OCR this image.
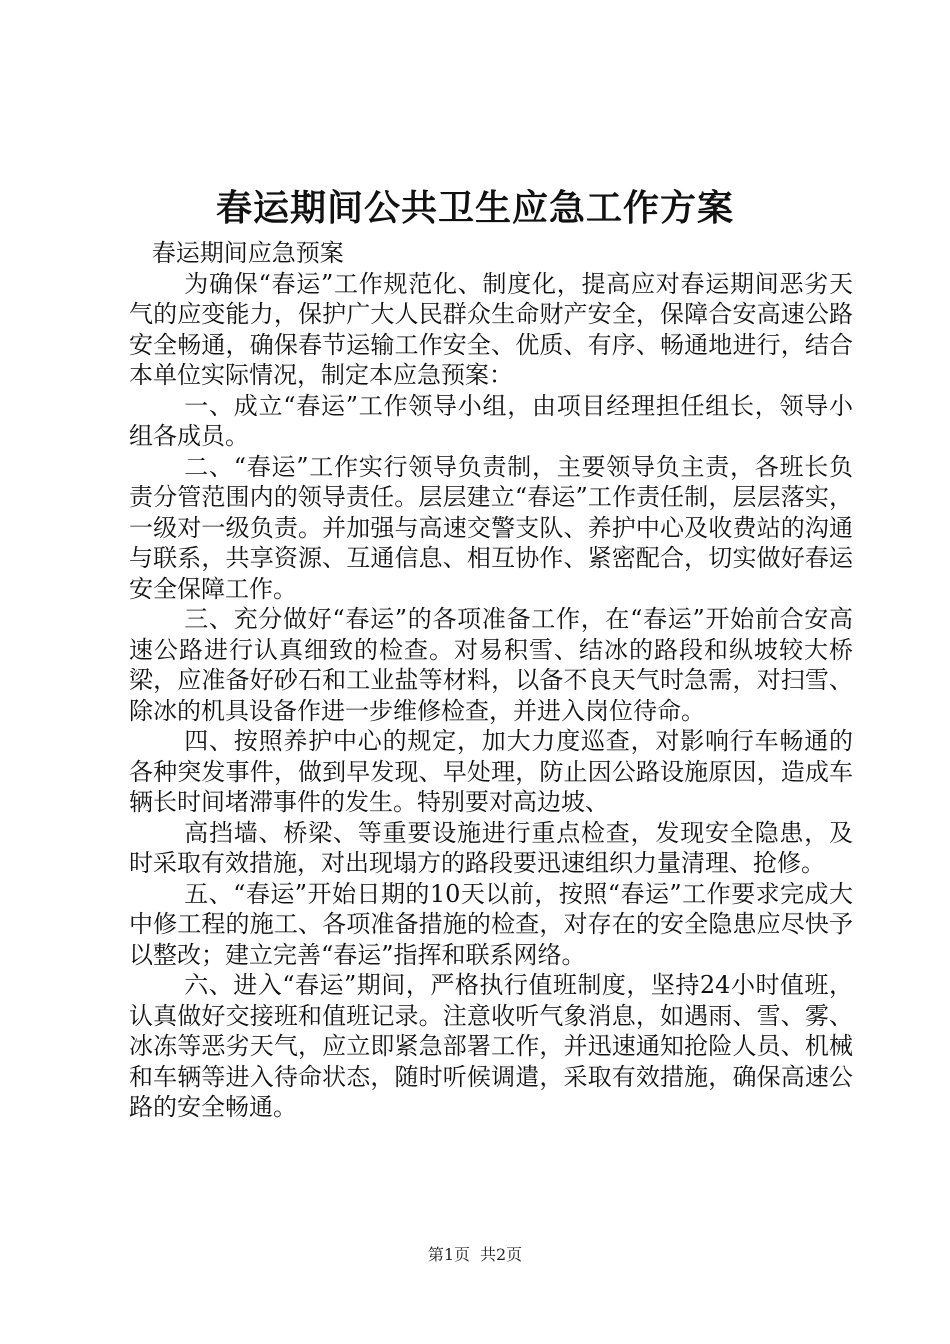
春运期间公共卫生应急工作方案

春运期间应急预案

为确保“春运”工作规范化、制度化，提高应对春运期间恶劣天气的应变能力，保护广大人民群众生命财产安全，保障合安高速公路安全畅通，确保春节运输工作安全、优质、有序、畅通地进行，结合本单位实际情况，制定本应急预案：

一、成立“春运”工作领导小组，由项目经理担任组长，领导小组各成员。

二、“春运”工作实行领导负责制，主要领导负主责，各班长负责分管范围内的领导责任。层层建立“春运”工作责任制，层层落实，一级对一级负责。并加强与高速交警支队、养护中心及收费站的沟通与联系，共享资源、互通信息、相互协作、紧密配合，切实做好春运安全保障工作。

三、充分做好“春运”的各项准备工作，在“春运”开始前合安高速公路进行认真细致的检查。对易积雪、结冰的路段和纵坡较大桥梁，应准备好砂石和工业盐等材料，以备不良天气时急需，对扫雪、除冰的机具设备作进一步维修检查，并进入岗位待命。

四、按照养护中心的规定，加大力度巡查，对影响行车畅通的各种突发事件，做到早发现、早处理，防止因公路设施原因，造成车辆长时间堵滞事件的发生。特别要对高边坡、

高挡墙、桥梁、等重要设施进行重点检查，发现安全隐患，及时采取有效措施，对出现塌方的路段要迅速组织力量清理、抢修。

五、“春运”开始日期的10天以前，按照“春运”工作要求完成大中修工程的施工、各项准备措施的检查，对存在的安全隐患应尽快予以整改；建立完善“春运”指挥和联系网络。

六、进入“春运”期间，严格执行值班制度，坚持24小时值班，认真做好交接班和值班记录。注意收听气象消息，如遇雨、雪、雾、冰冻等恶劣天气，应立即紧急部署工作，并迅速通知抢险人员、机械和车辆等进入待命状态，随时听候调遣，采取有效措施，确保高速公路的安全畅通。

第1页 共2页
